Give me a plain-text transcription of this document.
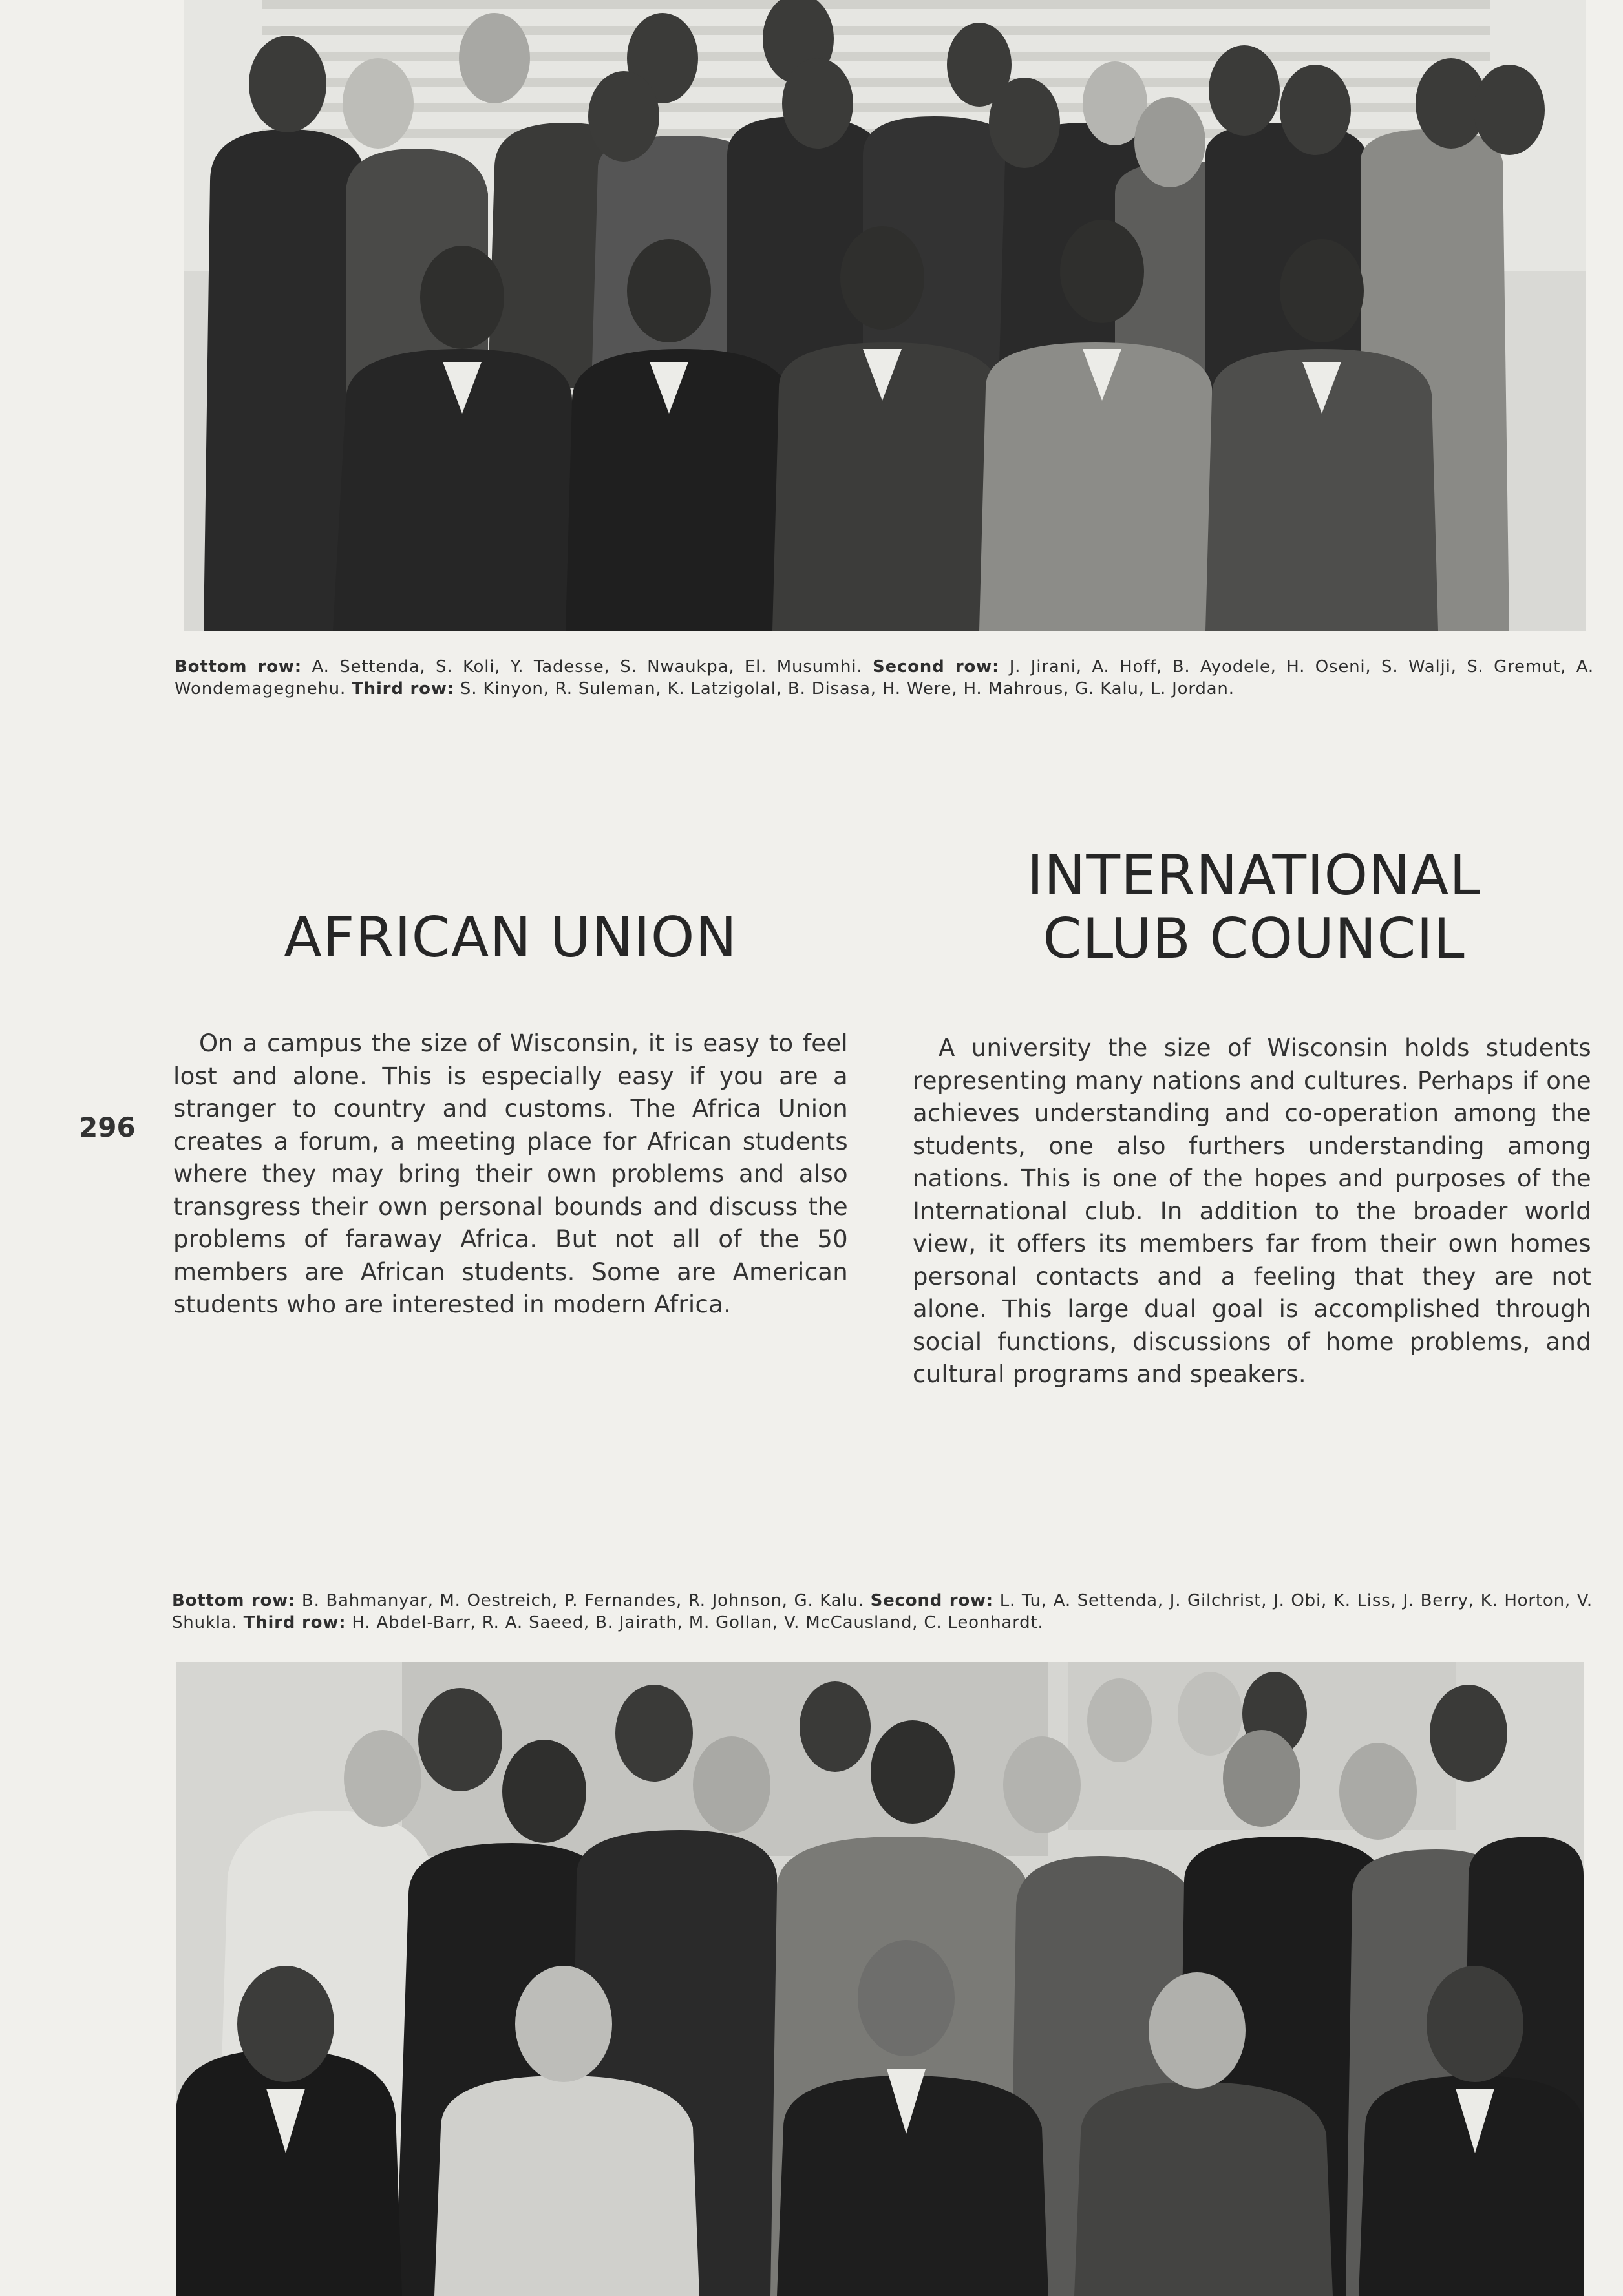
Bottom row: A. Settenda, S. Koli, Y. Tadesse, S. Nwaukpa, El. Musumhi. Second row: J. Jirani, A. Hoff, B. Ayodele, H. Oseni, S. Walji, S. Gremut, A. Wondemagegnehu. Third row: S. Kinyon, R. Suleman, K. Latzigolal, B. Disasa, H. Were, H. Mahrous, G. Kalu, L. Jordan.
AFRICAN UNION
INTERNATIONAL
CLUB COUNCIL
296
On a campus the size of Wisconsin, it is easy to feel lost and alone. This is especially easy if you are a stranger to country and customs. The Africa Union creates a forum, a meeting place for African students where they may bring their own problems and also transgress their own personal bounds and discuss the problems of faraway Africa. But not all of the 50 members are African students. Some are American students who are interested in modern Africa.
A university the size of Wisconsin holds students representing many nations and cultures. Perhaps if one achieves understanding and co-operation among the students, one also furthers understanding among nations. This is one of the hopes and purposes of the International club. In addition to the broader world view, it offers its members far from their own homes personal contacts and a feeling that they are not alone. This large dual goal is accomplished through social functions, discussions of home problems, and cultural programs and speakers.
Bottom row: B. Bahmanyar, M. Oestreich, P. Fernandes, R. Johnson, G. Kalu. Second row: L. Tu, A. Settenda, J. Gilchrist, J. Obi, K. Liss, J. Berry, K. Horton, V. Shukla. Third row: H. Abdel-Barr, R. A. Saeed, B. Jairath, M. Gollan, V. McCausland, C. Leonhardt.
